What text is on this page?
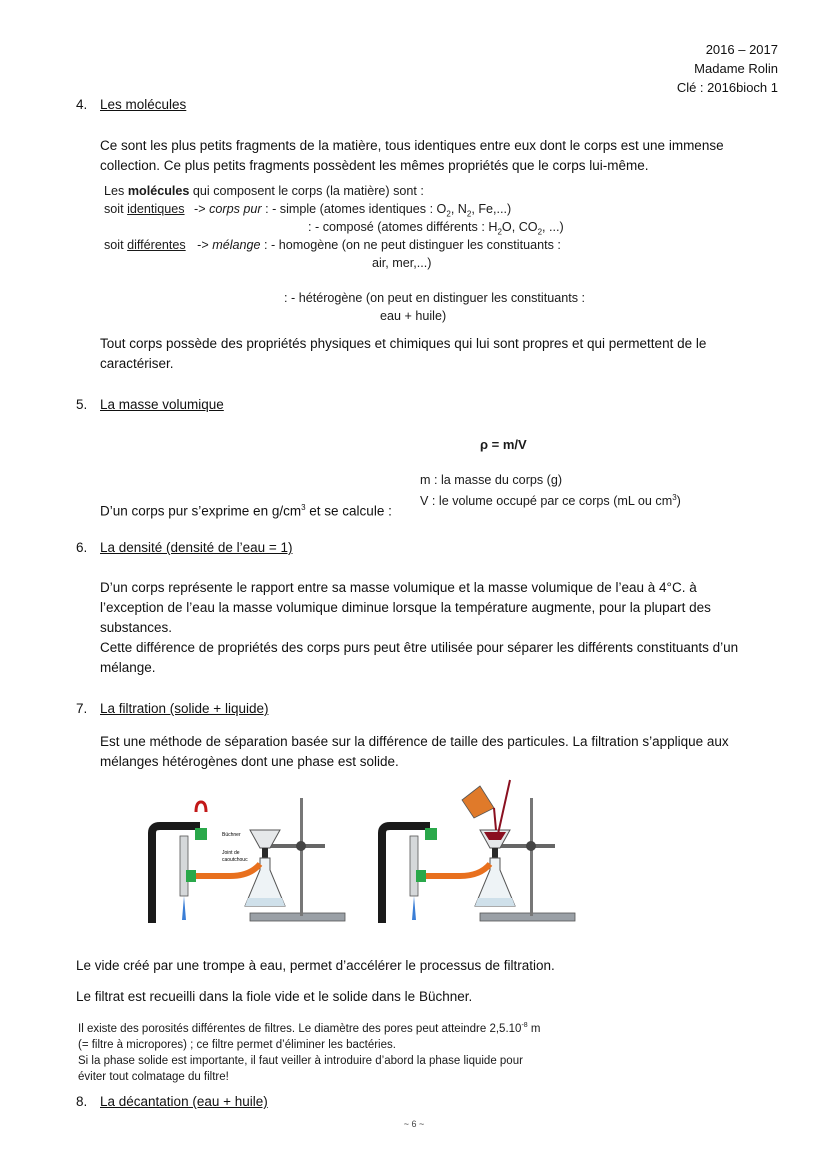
2016 – 2017
Madame Rolin
Clé : 2016bioch 1
4. Les molécules
Ce sont les plus petits fragments de la matière, tous identiques entre eux dont le corps est une immense
collection. Ce plus petits fragments possèdent les mêmes propriétés que le corps lui-même.
Les molécules qui composent le corps (la matière) sont :
soit identiques -> corps pur : - simple (atomes identiques : $O_2$, $N_2$, Fe,...)
: - composé (atomes différents : $H_2O$, $CO_2$, ...)
soit différentes -> mélange : - homogène (on ne peut distinguer les constituants :
air, mer,...)
: - hétérogène (on peut en distinguer les constituants :
eau + huile)
Tout corps possède des propriétés physiques et chimiques qui lui sont propres et qui permettent de le
caractériser.
5. La masse volumique
ρ = m/V
m : la masse du corps (g)
V : le volume occupé par ce corps (mL ou $cm^3$)
D’un corps pur s’exprime en $g/cm^3$ et se calcule :
6. La densité (densité de l’eau = 1)
D’un corps représente le rapport entre sa masse volumique et la masse volumique de l’eau à 4°C. à
l’exception de l’eau la masse volumique diminue lorsque la température augmente, pour la plupart des
substances.
Cette différence de propriétés des corps purs peut être utilisée pour séparer les différents constituants d’un
mélange.
7. La filtration (solide + liquide)
Est une méthode de séparation basée sur la différence de taille des particules. La filtration s’applique aux
mélanges hétérogènes dont une phase est solide.
Büchner
Joint de
caoutchouc
Le vide créé par une trompe à eau, permet d’accélérer le processus de filtration.
Le filtrat est recueilli dans la fiole vide et le solide dans le Büchner.
Il existe des porosités différentes de filtres. Le diamètre des pores peut atteindre $2,5.10^{-8}$ m
(= filtre à micropores) ; ce filtre permet d’éliminer les bactéries.
Si la phase solide est importante, il faut veiller à introduire d’abord la phase liquide pour
éviter tout colmatage du filtre!
8. La décantation (eau + huile)
~ 6 ~
